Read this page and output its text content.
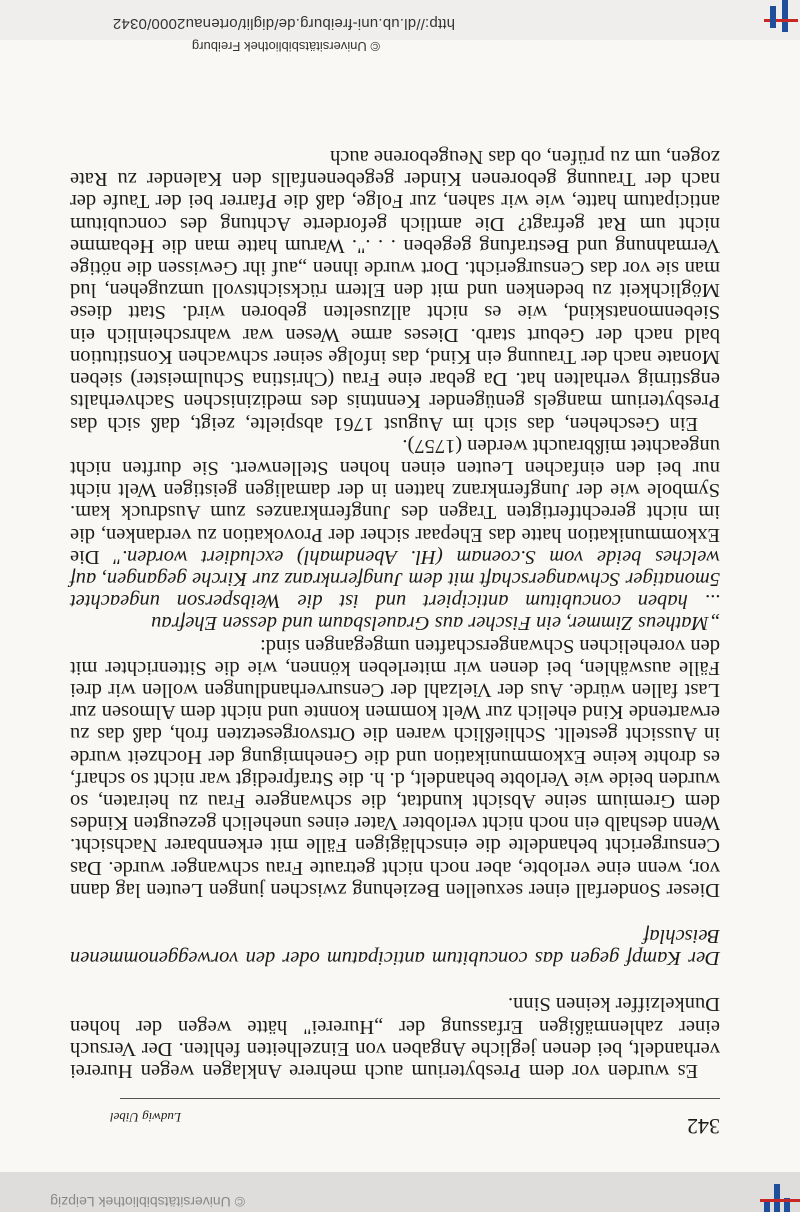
© Universitätsbibliothek Leipzig
342
Ludwig Uibel

Es wurden vor dem Presbyterium auch mehrere Anklagen wegen Hurerei verhandelt, bei denen jegliche Angaben von Einzelheiten fehlten. Der Versuch einer zahlenmäßigen Erfassung der „Hurerei" hätte wegen der hohen Dunkelziffer keinen Sinn.

Der Kampf gegen das concubitum anticipatum oder den vorweggenommenen Beischlaf

Dieser Sonderfall einer sexuellen Beziehung zwischen jungen Leuten lag dann vor, wenn eine verlobte, aber noch nicht getraute Frau schwanger wurde. Das Censurgericht behandelte die einschlägigen Fälle mit erkennbarer Nachsicht. Wenn deshalb ein noch nicht verlobter Vater eines unehelich gezeugten Kindes dem Gremium seine Absicht kundtat, die schwangere Frau zu heiraten, so wurden beide wie Verlobte behandelt, d. h. die Strafpredigt war nicht so scharf, es drohte keine Exkommunikation und die Genehmigung der Hochzeit wurde in Aussicht gestellt. Schließlich waren die Ortsvorgesetzten froh, daß das zu erwartende Kind ehelich zur Welt kommen konnte und nicht dem Almosen zur Last fallen würde. Aus der Vielzahl der Censurverhandlungen wollen wir drei Fälle auswählen, bei denen wir miterleben können, wie die Sittenrichter mit den vorehelichen Schwangerschaften umgegangen sind:

„Matheus Zimmer, ein Fischer aus Grauelsbaum und dessen Ehefrau

... haben concubitum anticipiert und ist die Weibsperson ungeachtet 5monatiger Schwangerschaft mit dem Jungfernkranz zur Kirche gegangen, auf welches beide vom S.coenam (Hl. Abendmahl) excludiert worden." Die Exkommunikation hatte das Ehepaar sicher der Provokation zu verdanken, die im nicht gerechtfertigten Tragen des Jungfernkranzes zum Ausdruck kam. Symbole wie der Jungfernkranz hatten in der damaligen geistigen Welt nicht nur bei den einfachen Leuten einen hohen Stellenwert. Sie durften nicht ungeachtet mißbraucht werden (1757).

Ein Geschehen, das sich im August 1761 abspielte, zeigt, daß sich das Presbyterium mangels genügender Kenntnis des medizinischen Sachverhalts engstirnig verhalten hat. Da gebar eine Frau (Christina Schulmeister) sieben Monate nach der Trauung ein Kind, das infolge seiner schwachen Konstitution bald nach der Geburt starb. Dieses arme Wesen war wahrscheinlich ein Siebenmonatskind, wie es nicht allzuselten geboren wird. Statt diese Möglichkeit zu bedenken und mit den Eltern rücksichtsvoll umzugehen, lud man sie vor das Censurgericht. Dort wurde ihnen „auf ihr Gewissen die nötige Vermahnung und Bestrafung gegeben . . .". Warum hatte man die Hebamme nicht um Rat gefragt? Die amtlich geforderte Achtung des concubitum anticipatum hatte, wie wir sahen, zur Folge, daß die Pfarrer bei der Taufe der nach der Trauung geborenen Kinder gegebenenfalls den Kalender zu Rate zogen, um zu prüfen, ob das Neugeborene auch

http://dl.ub.uni-freiburg.de/diglit/ortenau2000/0342
© Universitätsbibliothek Freiburg
